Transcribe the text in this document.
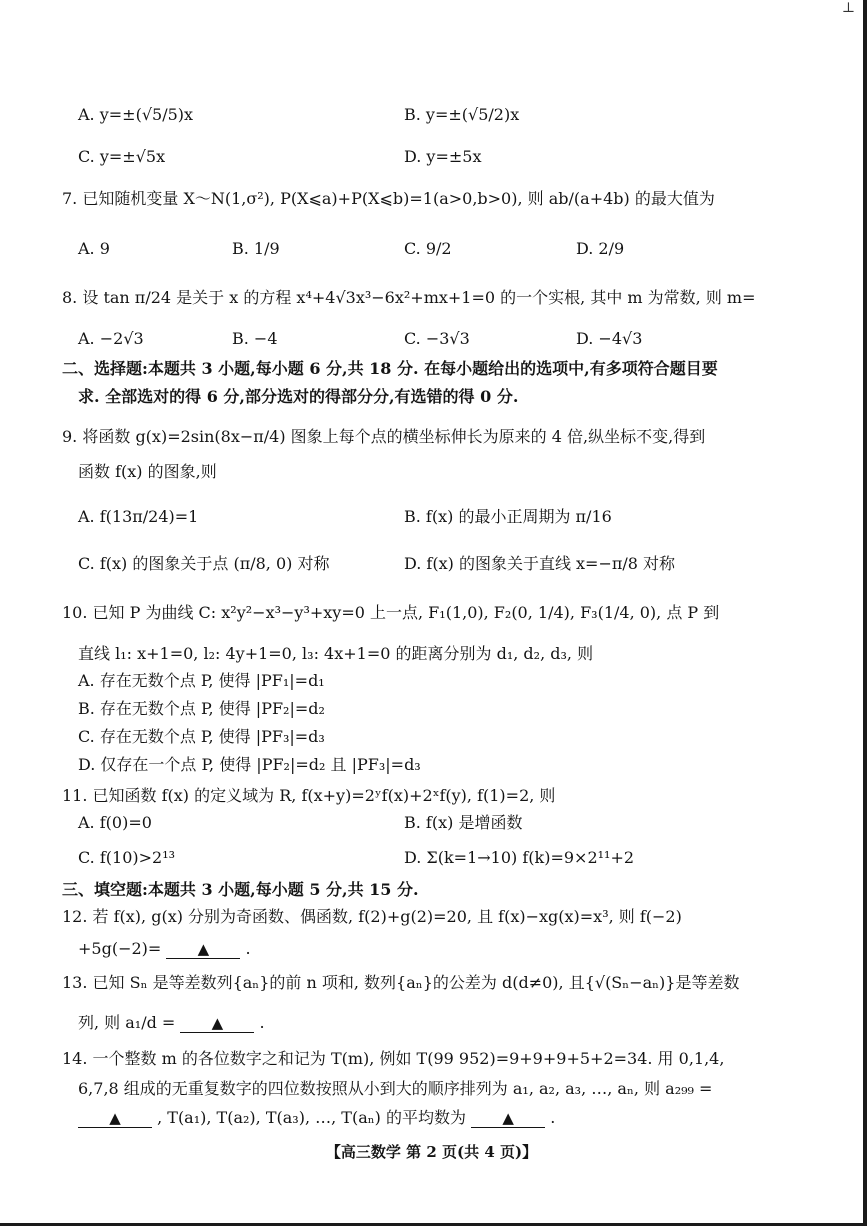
⊥
A. y=±(√5/5)x	B. y=±(√5/2)x
C. y=±√5x	D. y=±5x
7. 已知随机变量 X～N(1,σ²), P(X⩽a)+P(X⩽b)=1(a>0,b>0), 则 ab/(a+4b) 的最大值为
A. 9	B. 1/9	C. 9/2	D. 2/9
8. 设 tan π/24 是关于 x 的方程 x⁴+4√3x³−6x²+mx+1=0 的一个实根, 其中 m 为常数, 则 m=
A. −2√3	B. −4	C. −3√3	D. −4√3
二、选择题:本题共 3 小题,每小题 6 分,共 18 分. 在每小题给出的选项中,有多项符合题目要
求. 全部选对的得 6 分,部分选对的得部分分,有选错的得 0 分.
9. 将函数 g(x)=2sin(8x−π/4) 图象上每个点的横坐标伸长为原来的 4 倍,纵坐标不变,得到
函数 f(x) 的图象,则
A. f(13π/24)=1	B. f(x) 的最小正周期为 π/16
C. f(x) 的图象关于点 (π/8, 0) 对称	D. f(x) 的图象关于直线 x=−π/8 对称
10. 已知 P 为曲线 C: x²y²−x³−y³+xy=0 上一点, F₁(1,0), F₂(0, 1/4), F₃(1/4, 0), 点 P 到
直线 l₁: x+1=0, l₂: 4y+1=0, l₃: 4x+1=0 的距离分别为 d₁, d₂, d₃, 则
A. 存在无数个点 P, 使得 |PF₁|=d₁
B. 存在无数个点 P, 使得 |PF₂|=d₂
C. 存在无数个点 P, 使得 |PF₃|=d₃
D. 仅存在一个点 P, 使得 |PF₂|=d₂ 且 |PF₃|=d₃
11. 已知函数 f(x) 的定义域为 R, f(x+y)=2ʸf(x)+2ˣf(y), f(1)=2, 则
A. f(0)=0	B. f(x) 是增函数
C. f(10)>2¹³	D. Σ(k=1→10) f(k)=9×2¹¹+2
三、填空题:本题共 3 小题,每小题 5 分,共 15 分.
12. 若 f(x), g(x) 分别为奇函数、偶函数, f(2)+g(2)=20, 且 f(x)−xg(x)=x³, 则 f(−2)
+5g(−2)= ▲ .
13. 已知 Sₙ 是等差数列{aₙ}的前 n 项和, 数列{aₙ}的公差为 d(d≠0), 且{√(Sₙ−aₙ)}是等差数
列, 则 a₁/d = ▲ .
14. 一个整数 m 的各位数字之和记为 T(m), 例如 T(99 952)=9+9+9+5+2=34. 用 0,1,4,
6,7,8 组成的无重复数字的四位数按照从小到大的顺序排列为 a₁, a₂, a₃, …, aₙ, 则 a₂₉₉ =
▲ , T(a₁), T(a₂), T(a₃), …, T(aₙ) 的平均数为 ▲ .
【高三数学 第 2 页(共 4 页)】
